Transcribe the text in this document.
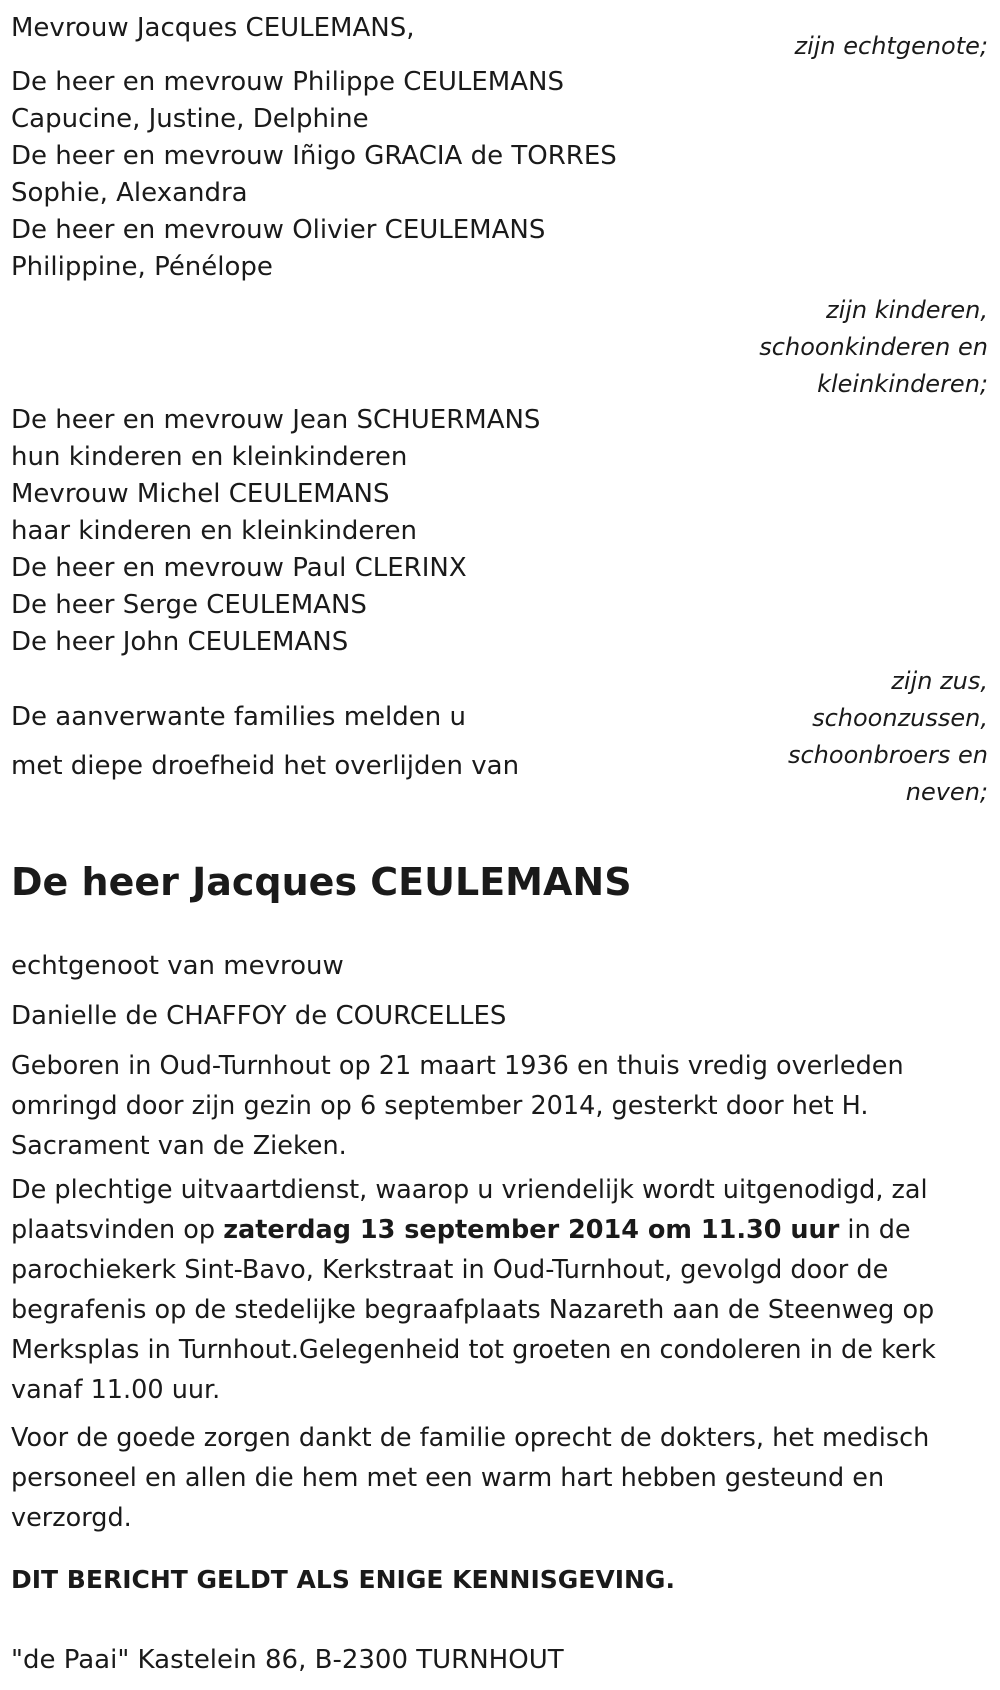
Mevrouw Jacques CEULEMANS,

zijn echtgenote;

De heer en mevrouw Philippe CEULEMANS

Capucine, Justine, Delphine

De heer en mevrouw Iñigo GRACIA de TORRES

Sophie, Alexandra

De heer en mevrouw Olivier CEULEMANS

Philippine, Pénélope

zijn kinderen,

schoonkinderen en

kleinkinderen;

De heer en mevrouw Jean SCHUERMANS

hun kinderen en kleinkinderen

Mevrouw Michel CEULEMANS

haar kinderen en kleinkinderen

De heer en mevrouw Paul CLERINX

De heer Serge CEULEMANS

De heer John CEULEMANS

zijn zus,

schoonzussen,

schoonbroers en

neven;

De aanverwante families melden u

met diepe droefheid het overlijden van

De heer Jacques CEULEMANS

echtgenoot van mevrouw

Danielle de CHAFFOY de COURCELLES

Geboren in Oud-Turnhout op 21 maart 1936 en thuis vredig overleden omringd door zijn gezin op 6 september 2014, gesterkt door het H. Sacrament van de Zieken.

De plechtige uitvaartdienst, waarop u vriendelijk wordt uitgenodigd, zal plaatsvinden op zaterdag 13 september 2014 om 11.30 uur in de parochiekerk Sint-Bavo, Kerkstraat in Oud-Turnhout, gevolgd door de begrafenis op de stedelijke begraafplaats Nazareth aan de Steenweg op Merksplas in Turnhout.Gelegenheid tot groeten en condoleren in de kerk vanaf 11.00 uur.

Voor de goede zorgen dankt de familie oprecht de dokters, het medisch personeel en allen die hem met een warm hart hebben gesteund en verzorgd.

DIT BERICHT GELDT ALS ENIGE KENNISGEVING.

"de Paai" Kastelein 86, B-2300 TURNHOUT
